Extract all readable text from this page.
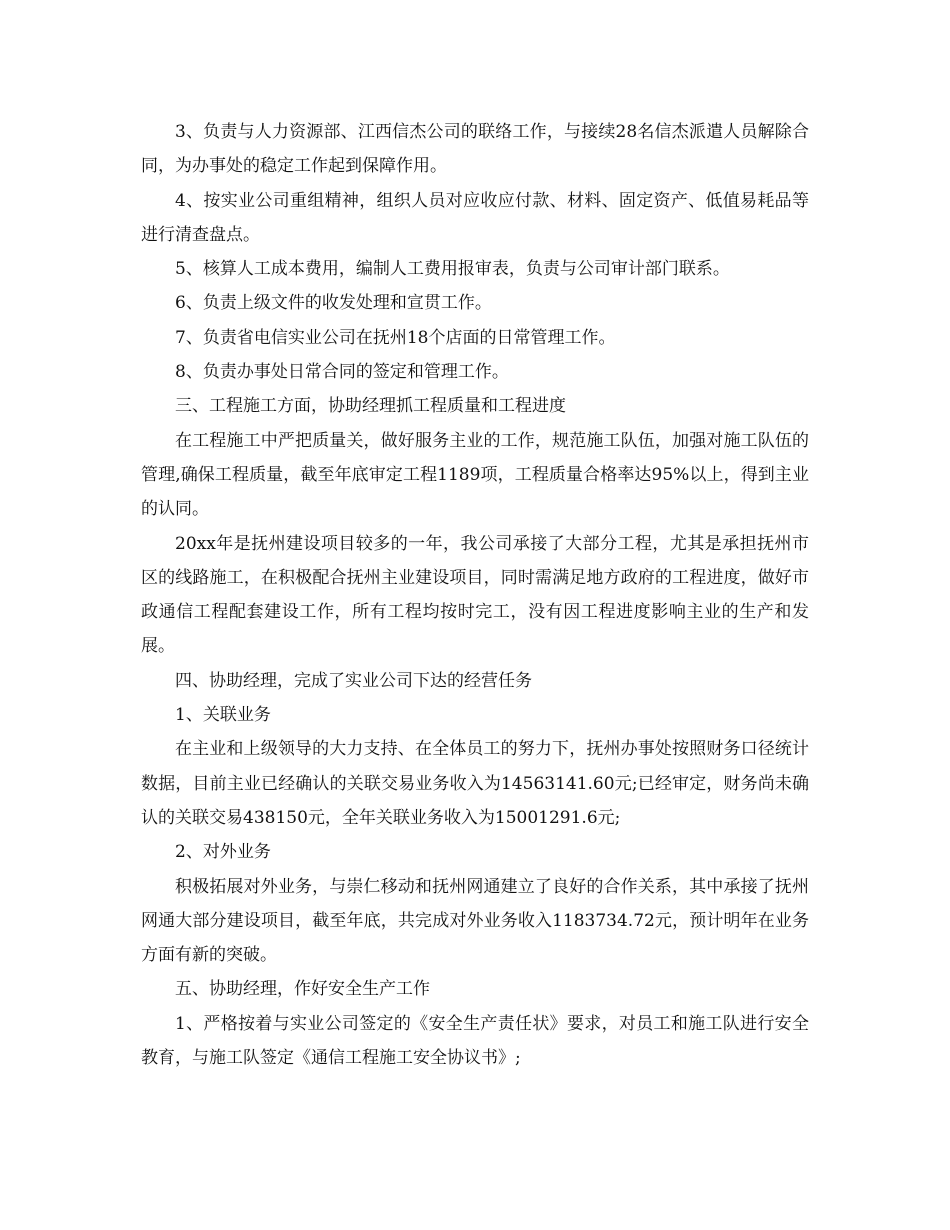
3、负责与人力资源部、江西信杰公司的联络工作，与接续28名信杰派遣人员解除合同，为办事处的稳定工作起到保障作用。

4、按实业公司重组精神，组织人员对应收应付款、材料、固定资产、低值易耗品等进行清查盘点。

5、核算人工成本费用，编制人工费用报审表，负责与公司审计部门联系。

6、负责上级文件的收发处理和宣贯工作。

7、负责省电信实业公司在抚州18个店面的日常管理工作。

8、负责办事处日常合同的签定和管理工作。

三、工程施工方面，协助经理抓工程质量和工程进度

在工程施工中严把质量关，做好服务主业的工作，规范施工队伍，加强对施工队伍的管理,确保工程质量，截至年底审定工程1189项，工程质量合格率达95%以上，得到主业的认同。

20xx年是抚州建设项目较多的一年，我公司承接了大部分工程，尤其是承担抚州市区的线路施工，在积极配合抚州主业建设项目，同时需满足地方政府的工程进度，做好市政通信工程配套建设工作，所有工程均按时完工，没有因工程进度影响主业的生产和发展。

四、协助经理，完成了实业公司下达的经营任务

1、关联业务

在主业和上级领导的大力支持、在全体员工的努力下，抚州办事处按照财务口径统计数据，目前主业已经确认的关联交易业务收入为14563141.60元;已经审定，财务尚未确认的关联交易438150元，全年关联业务收入为15001291.6元;

2、对外业务

积极拓展对外业务，与崇仁移动和抚州网通建立了良好的合作关系，其中承接了抚州网通大部分建设项目，截至年底，共完成对外业务收入1183734.72元，预计明年在业务方面有新的突破。

五、协助经理，作好安全生产工作

1、严格按着与实业公司签定的《安全生产责任状》要求，对员工和施工队进行安全教育，与施工队签定《通信工程施工安全协议书》;
